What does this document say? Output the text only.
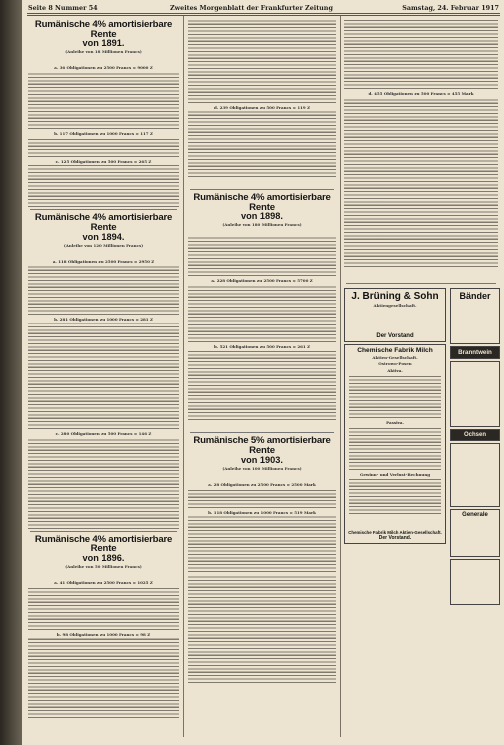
Seite 8 Nummer 54	Zweites Morgenblatt der Frankfurter Zeitung	Samstag, 24. Februar 1917
Rumänische 4% amortisierbare Rente
von 1891.
(Anleihe von 18 Millionen Francs)
a. 36 Obligationen zu 2500 Francs = 9000 Z
b. 117 Obligationen zu 1000 Francs = 117 Z
c. 125 Obligationen zu 500 Francs = 265 Z
Rumänische 4% amortisierbare Rente
von 1894.
(Anleihe von 120 Millionen Francs)
a. 118 Obligationen zu 2500 Francs = 2950 Z
b. 281 Obligationen zu 1000 Francs = 281 Z
c. 280 Obligationen zu 500 Francs = 146 Z
Rumänische 4% amortisierbare Rente
von 1896.
(Anleihe von 50 Millionen Francs)
a. 41 Obligationen zu 2500 Francs = 1025 Z
b. 98 Obligationen zu 1000 Francs = 98 Z
d. 239 Obligationen zu 500 Francs = 119 Z
Rumänische 4% amortisierbare Rente
von 1898.
(Anleihe von 180 Millionen Francs)
a. 228 Obligationen zu 2500 Francs = 5700 Z
b. 521 Obligationen zu 500 Francs = 261 Z
Rumänische 5% amortisierbare Rente
von 1903.
(Anleihe von 100 Millionen Francs)
a. 28 Obligationen zu 2500 Francs = 2500 Mark
b. 118 Obligationen zu 1000 Francs = 519 Mark
d. 455 Obligationen zu 500 Francs = 455 Mark
J. Brüning & Sohn
Aktiengesellschaft.
Der Vorstand
Chemische Fabrik Milch
Aktien-Gesellschaft.
Ostrowo-Posen
Aktiva.
Passiva.
Gewinn- und Verlust-Rechnung
Chemische Fabrik Milch Aktien-Gesellschaft.
Der Vorstand.
Bänder
Branntwein
Ochsen
Generale
